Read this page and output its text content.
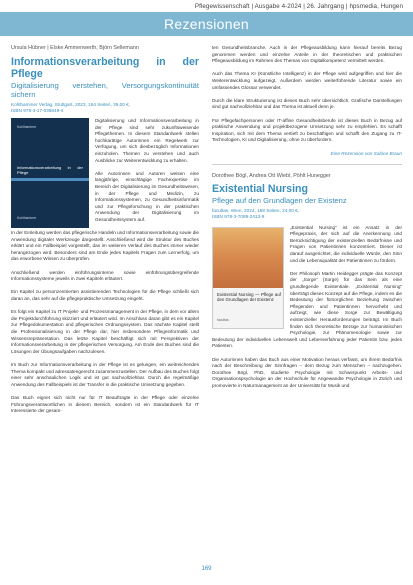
Pflegewissenschaft | Ausgabe 4-2024 | 26. Jahrgang | hpsmedia, Hungen
Rezensionen
Ursula Hübner | Elske Ammenwerth, Björn Sellemann
Informationsverarbeitung in der Pflege
Digitalisierung verstehen, Versorgungskontinuität sichern
Kohlhammer Verlag, Stuttgart, 2023, 194 Seiten, 39,00 €,
ISBN 978-3-17-038849-4
Kohlhammer
Informationsverarbeitung in der Pflege
Kohlhammer

Digitalisierung und Informationsverarbeitung in der Pflege sind sehr zukunftsweisende Pflegethemen. In diesem Standardwerk stellen hochkarätige Autorinnen ein Regelwerk zur Verfügung, um sich diesbezüglich Informationen einzuholen. Themen zu verstehen und auch Ausblicke zur Weiterentwicklung zu erhalten.

Alle Autorinnen und Autoren weisen eine langjährige, einschlägige Fachexpertise im Bereich der Digitalisierung im Gesundheitswesen, in der Pflege und Medizin, zu Informationssystemen, zu Gesundheitsinformatik und zur Pflegeforschung in der praktischen Anwendung der Digitalisierung im Gesundheitssystem auf.

In der Einleitung werden das pflegerische Handeln und Informationsverarbeitung sowie die Anwendung digitaler Werkzeuge dargestellt. Anschließend wird die Struktur des Buches erklärt und ein Fallbeispiel vorgestellt, das im weiteren Verlauf des Buches immer wieder herangezogen wird. Besonders sind am Ende jedes Kapitels Fragen zum Lernerfolg, um das erworbene Wissen zu überprüfen.

Anschließend werden einführungsinterne sowie einführungsübergreifende Informationssysteme jeweils in zwei Kapiteln erläutert.

Ein Kapitel zu personzentrierten assistierenden Technologien für die Pflege schließt sich daran an, das sehr auf die pflegepraktische Umsetzung eingeht.

Es folgt ein Kapitel zu IT Projekt- und Prozessmanagement in der Pflege, in dem vor allem die Projektdurchführung skizziert und erläutert wird. Im Anschluss daran gibt es ein Kapitel zur Pflegedokumentation und pflegerischen Ordnungssystem. Das nächste Kapitel stellt die Professionalisierung in der Pflege dar, hier insbesondere Pflegeinformatik und Wissensrepräsentation. Das letzte Kapitel beschäftigt sich mit Perspektiven der Informationsverarbeitung in der pflegerischen Versorgung. Am Ende des Buches sind die Lösungen der Übungsaufgaben nachzulesen.

Im Buch zur Informationsverarbeitung in der Pflege ist es gelungen, ein weitreichendes Thema kompakt und adressatengerecht zusammenzustellen. Der Aufbau des Buches folgt einer sehr anschaulichen Logik und ist gut nachvollziehbar. Durch die regelmäßige Anwendung des Fallbeispiels ist der Transfer in die praktische Umsetzung gegeben.

Das Buch eignet sich nicht nur für IT Beauftragte in der Pflege oder einzelne Führungsverantwortlichen in diesem Bereich, sondern ist ein Standardwerk für IT Interessierte der gesam-

ten Gesundheitsbranche. Auch in der Pflegeausbildung kann hierauf bereits Bezug genommen werden und einzelne Anteile in der theoretischen und praktischen Pflegeausbildung im Rahmen des Themas von Digitalkompetenz vermittelt werden.

Auch das Thema KI (Künstliche Intelligenz) in der Pflege wird aufgegriffen und hier die Weiterentwicklung aufgezeigt. Außerdem werden weiterführende Literatur sowie ein umfassendes Glossar verwendet.

Durch die klare Strukturierung ist dieses Buch sehr übersichtlich. Grafische Darstellungen sind gut nachvollziehbar und das Thema ist aktuell denn je.

Für Pflegefachpersonen oder IT-affine Gesundheitsberufe ist dieses Buch in Bezug auf praktische Anwendung und projektbezogene Umsetzung sehr zu empfehlen. Es schafft Inspiration, sich mit dem Thema vertieft zu beschäftigen und schafft den Zugang zu IT-Technologien, KI und Digitalisierung, ohne zu überfordern.

Eine Rezension von Sabine Braun

Dorothee Bögl, Andrea Ott Wiebl, Pöhlt Hunegger
Existential Nursing
Pflege auf den Grundlagen der Existenz
facultas, Wien, 2024, 158 Seiten, 24,00 €,
ISBN 978-3-7089-2413-9
Existential Nursing — Pflege auf den Grundlagen der Existenz
facultas

„Existential Nursing“ ist ein Ansatz in der Pflegepraxis, der sich auf die Anerkennung und Berücksichtigung der existenziellen Bedürfnisse und Fragen von Patientinnen konzentriert. Dieser ist darauf ausgerichtet, die individuelle Würde, den Sinn und die Lebensqualität der Patientinnen zu fördern.

Der Philosoph Martin Heidegger prägte das Konzept der „Sorge“ (Sorge) für das Sein als eine grundlegende Existentiale. „Existential Nursing“ überträgt dieses Konzept auf die Pflege, indem es die Bedeutung der fürsorglichen Beziehung zwischen Pflegenden und Patientinnen hervorhebt und aufzeigt, wie diese Sorge zur Bewältigung existenzieller Herausforderungen beiträgt. Im Buch finden sich theoretische Bezüge zur humanistischen Psychologie, zur Phänomenologie sowie zur Bedeutung der individuellen Lebenswelt und Lebenserfahrung jeder Patientin bzw. jedes Patienten.

Die Autorinnen haben das Buch aus einer Motivation heraus verfasst, um ihrem Bedürfnis nach der Beschreibung der Sinnfragen – dem Bezug zum Menschen – nachzugehen. Dorothee Bögl, PhD, studierte Psychologie mit Schwerpunkt Arbeits- und Organisationspsychologie an der Hochschule für Angewandte Psychologie in Zürich und promovierte in Naturmanagement an der Universität für Musik und

169
